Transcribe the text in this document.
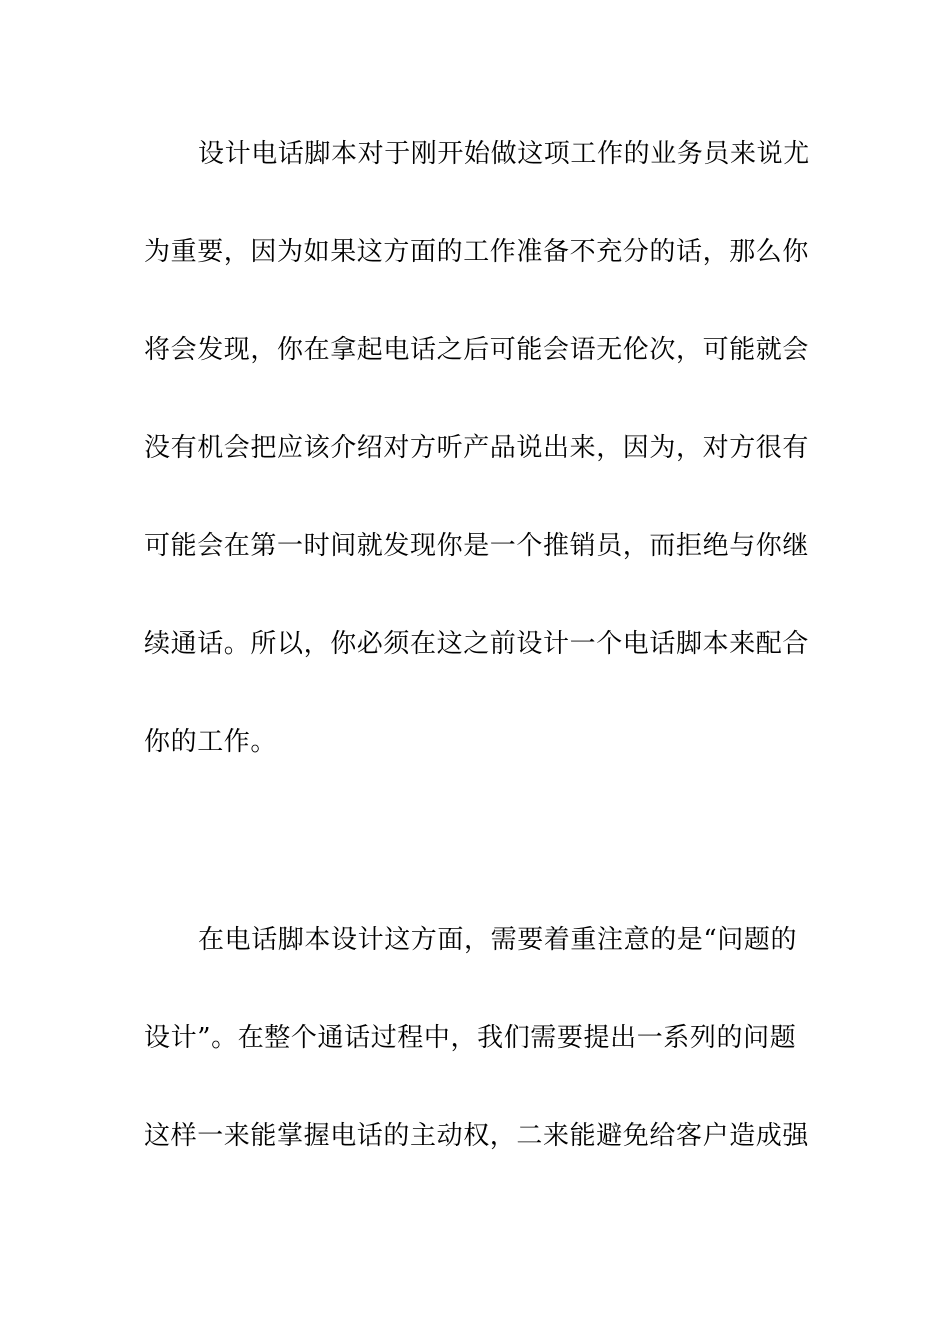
设计电话脚本对于刚开始做这项工作的业务员来说尤
为重要，因为如果这方面的工作准备不充分的话，那么你
将会发现，你在拿起电话之后可能会语无伦次，可能就会
没有机会把应该介绍对方听产品说出来，因为，对方很有
可能会在第一时间就发现你是一个推销员，而拒绝与你继
续通话。所以，你必须在这之前设计一个电话脚本来配合
你的工作。
在电话脚本设计这方面，需要着重注意的是“问题的
设计”。在整个通话过程中，我们需要提出一系列的问题
这样一来能掌握电话的主动权，二来能避免给客户造成强
